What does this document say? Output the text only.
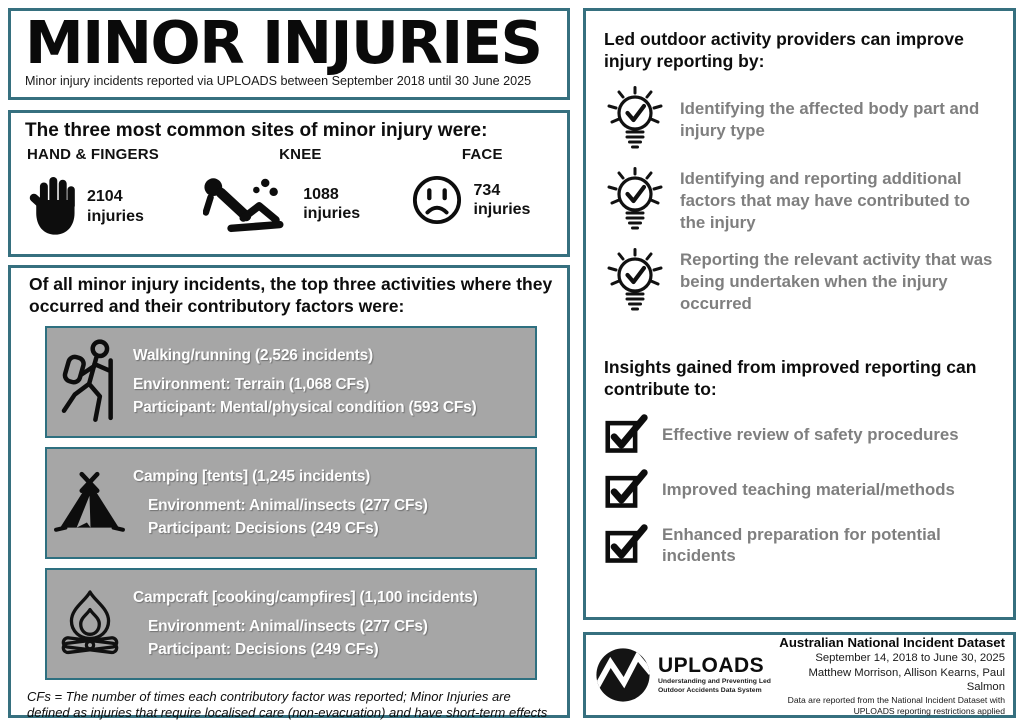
MINOR INJURIES
Minor injury incidents reported via UPLOADS between September 2018 until 30 June 2025
The three most common sites of minor injury were:
HAND & FINGERS
2104
injuries
KNEE
1088
injuries
FACE
734
injuries
Of all minor injury incidents, the top three activities where they occurred and their contributory factors were:
Walking/running (2,526 incidents)
Environment: Terrain (1,068 CFs)
Participant: Mental/physical condition (593 CFs)
Camping [tents] (1,245 incidents)
Environment: Animal/insects (277 CFs)
Participant: Decisions (249 CFs)
Campcraft [cooking/campfires] (1,100 incidents)
Environment: Animal/insects (277 CFs)
Participant: Decisions (249 CFs)
CFs = The number of times each contributory factor was reported; Minor Injuries are defined as injuries that require localised care (non-evacuation) and have short-term effects
Led outdoor activity providers can improve injury reporting by:
Identifying the affected body part and injury type
Identifying and reporting additional factors that may have contributed to the injury
Reporting the relevant activity that was being undertaken when the injury occurred
Insights gained from improved reporting can contribute to:
Effective review of safety procedures
Improved teaching material/methods
Enhanced preparation for potential incidents
UPLOADS
Understanding and Preventing Led
Outdoor Accidents Data System
Australian National Incident Dataset
September 14, 2018 to June 30, 2025
Matthew Morrison, Allison Kearns, Paul Salmon
Data are reported from the National Incident Dataset with UPLOADS reporting restrictions applied
